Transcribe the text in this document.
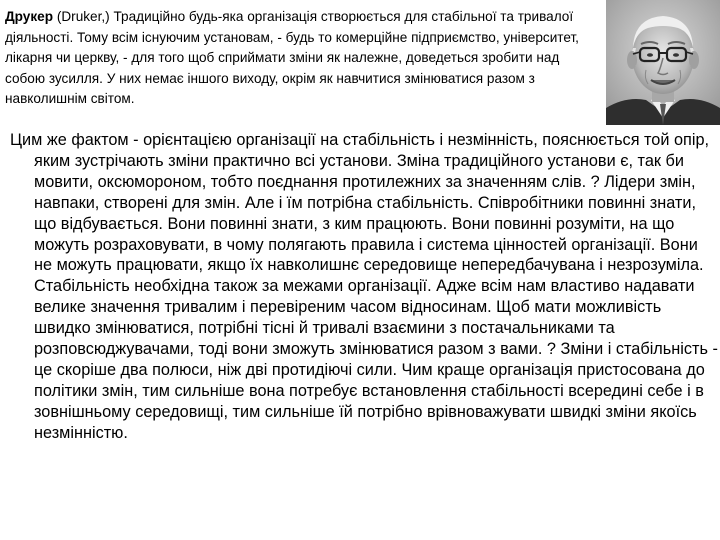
Друкер (Druker,) Традиційно будь-яка організація створюється для стабільної та тривалої діяльності. Тому всім існуючим установам, - будь то комерційне підприємство, університет, лікарня чи церкву, - для того щоб сприймати зміни як належне, доведеться зробити над собою зусилля. У них немає іншого виходу, окрім як навчитися змінюватися разом з навколишнім світом.

Цим же фактом - орієнтацією організації на стабільність і незмінність, пояснюється той опір, яким зустрічають зміни практично всі установи. Зміна традиційного установи є, так би мовити, оксюмороном, тобто поєднання протилежних за значенням слів. ? Лідери змін, навпаки, створені для змін. Але і їм потрібна стабільність. Співробітники повинні знати, що відбувається. Вони повинні знати, з ким працюють. Вони повинні розуміти, на що можуть розраховувати, в чому полягають правила і система цінностей організації. Вони не можуть працювати, якщо їх навколишнє середовище непередбачувана і незрозуміла. Стабільність необхідна також за межами організації. Адже всім нам властиво надавати велике значення тривалим і перевіреним часом відносинам. Щоб мати можливість швидко змінюватися, потрібні тісні й тривалі взаємини з постачальниками та розповсюджувачами, тоді вони зможуть змінюватися разом з вами. ? Зміни і стабільність - це скоріше два полюси, ніж дві протидіючі сили. Чим краще організація пристосована до політики змін, тим сильніше вона потребує встановлення стабільності всередині себе і в зовнішньому середовищі, тим сильніше їй потрібно врівноважувати швидкі зміни якоїсь незмінністю.
